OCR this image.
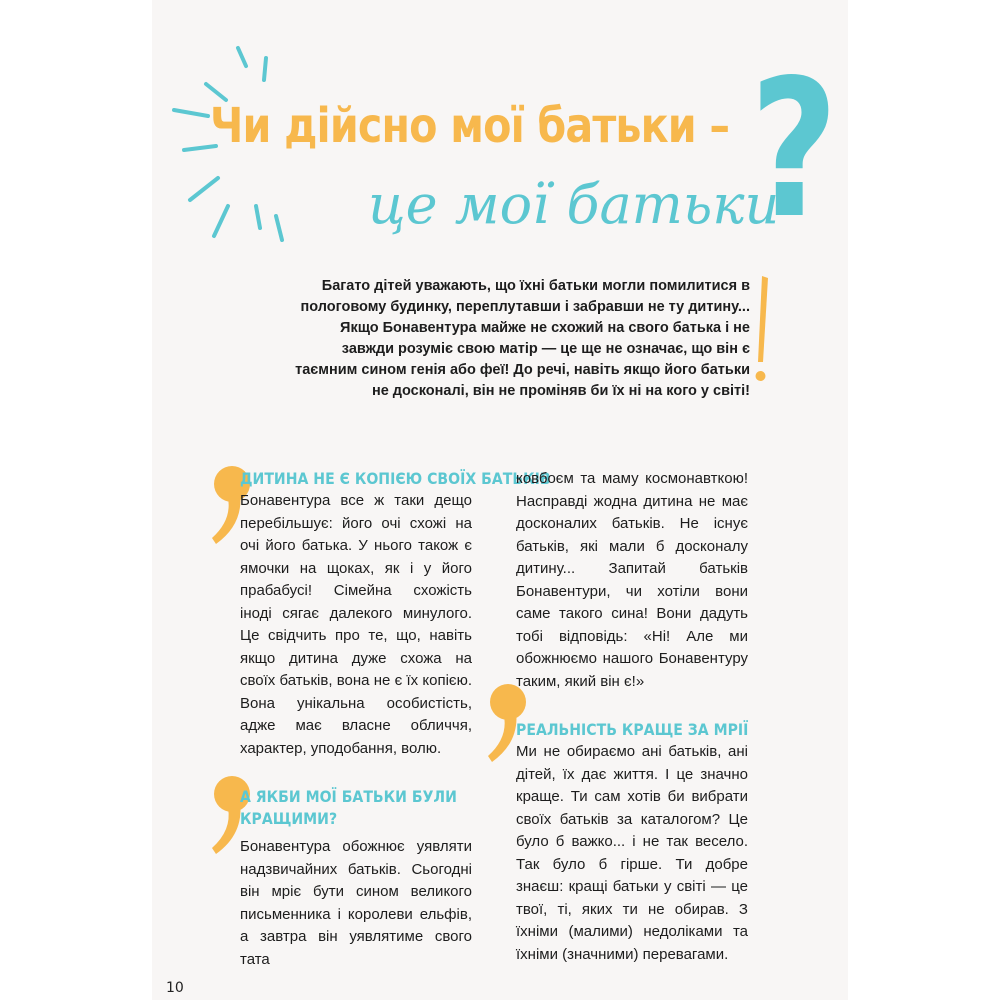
Чи дійсно мої батьки –
це мої батьки
?
Багато дітей уважають, що їхні батьки могли помилитися в пологовому будинку, переплутавши і забравши не ту дитину... Якщо Бонавентура майже не схожий на свого батька і не завжди розуміє свою матір — це ще не означає, що він є таємним сином генія або феї! До речі, навіть якщо його батьки не досконалі, він не проміняв би їх ні на кого у світі!
ДИТИНА НЕ Є КОПІЄЮ СВОЇХ БАТЬКІВ

Бонавентура все ж таки дещо перебільшує: його очі схожі на очі його батька. У нього також є ямочки на щоках, як і у його прабабусі! Сімейна схожість іноді сягає далекого минулого. Це свідчить про те, що, навіть якщо дитина дуже схожа на своїх батьків, вона не є їх копією. Вона унікальна особистість, адже має власне обличчя, характер, уподобання, волю.

А ЯКБИ МОЇ БАТЬКИ БУЛИ
КРАЩИМИ?

Бонавентура обожнює уявляти надзвичайних батьків. Сьогодні він мріє бути сином великого письменника і королеви ельфів, а завтра він уявлятиме свого тата

ковбоєм та маму космонавткою! Насправді жодна дитина не має досконалих батьків. Не існує батьків, які мали б досконалу дитину... Запитай батьків Бонавентури, чи хотіли вони саме такого сина! Вони дадуть тобі відповідь: «Ні! Але ми обожнюємо нашого Бонавентуру таким, який він є!»

РЕАЛЬНІСТЬ КРАЩЕ ЗА МРІЇ

Ми не обираємо ані батьків, ані дітей, їх дає життя. І це значно краще. Ти сам хотів би вибрати своїх батьків за каталогом? Це було б важко... і не так весело. Так було б гірше. Ти добре знаєш: кращі батьки у світі — це твої, ті, яких ти не обирав. З їхніми (малими) недоліками та їхніми (значними) перевагами.

10
